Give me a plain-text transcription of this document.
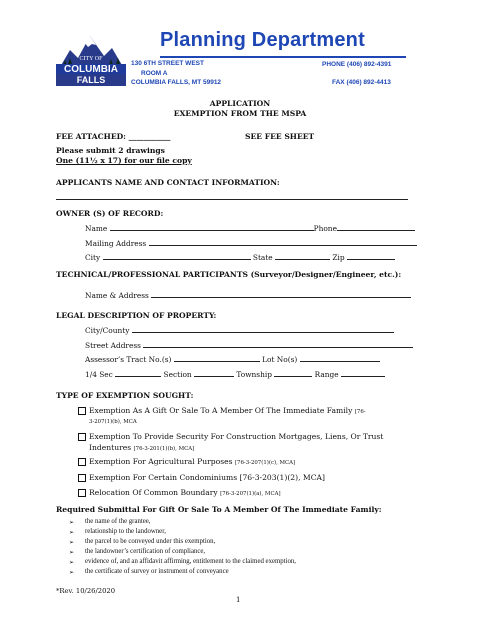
CITY OF
COLUMBIA
FALLS
Planning Department
130 6TH STREET WEST
ROOM A
COLUMBIA FALLS, MT 59912
PHONE (406) 892-4391
FAX (406) 892-4413
APPLICATION
EXEMPTION FROM THE MSPA
FEE ATTACHED: ___________	SEE FEE SHEET
Please submit 2 drawings
One (11½ x 17) for our file copy
APPLICANTS NAME AND CONTACT INFORMATION:
OWNER (S) OF RECORD:
Name	Phone
Mailing Address
City	State	Zip
TECHNICAL/PROFESSIONAL PARTICIPANTS (Surveyor/Designer/Engineer, etc.):
Name & Address
LEGAL DESCRIPTION OF PROPERTY:
City/County
Street Address
Assessor’s Tract No.(s)	Lot No(s)
1/4 Sec	Section	Township	Range
TYPE OF EXEMPTION SOUGHT:
Exemption As A Gift Or Sale To A Member Of The Immediate Family [76-
3-207(1)(b), MCA
Exemption To Provide Security For Construction Mortgages, Liens, Or Trust
Indentures [76-3-201(1)(b), MCA]
Exemption For Agricultural Purposes [76-3-207(1)(c), MCA]
Exemption For Certain Condominiums [76-3-203(1)(2), MCA]
Relocation Of Common Boundary [76-3-207(1)(a), MCA]
Required Submittal For Gift Or Sale To A Member Of The Immediate Family:
➢ the name of the grantee,
➢ relationship to the landowner,
➢ the parcel to be conveyed under this exemption,
➢ the landowner’s certification of compliance,
➢ evidence of, and an affidavit affirming, entitlement to the claimed exemption,
➢ the certificate of survey or instrument of conveyance
*Rev. 10/26/2020
1
